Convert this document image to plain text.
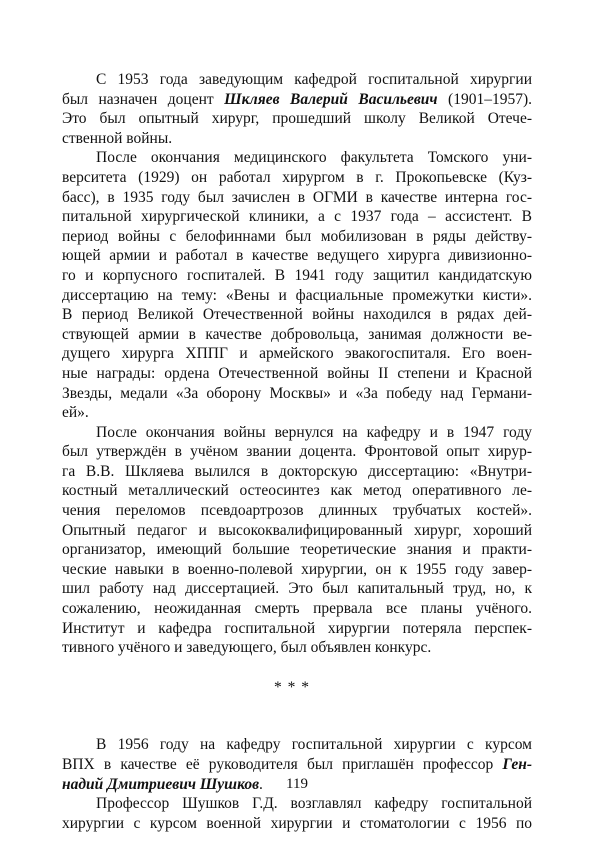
С 1953 года заведующим кафедрой госпитальной хирургии
был назначен доцент Шкляев Валерий Васильевич (1901–1957).
Это был опытный хирург, прошедший школу Великой Отече-
ственной войны.
После окончания медицинского факультета Томского уни-
верситета (1929) он работал хирургом в г. Прокопьевске (Куз-
басс), в 1935 году был зачислен в ОГМИ в качестве интерна гос-
питальной хирургической клиники, а с 1937 года – ассистент. В
период войны с белофиннами был мобилизован в ряды действу-
ющей армии и работал в качестве ведущего хирурга дивизионно-
го и корпусного госпиталей. В 1941 году защитил кандидатскую
диссертацию на тему: «Вены и фасциальные промежутки кисти».
В период Великой Отечественной войны находился в рядах дей-
ствующей армии в качестве добровольца, занимая должности ве-
дущего хирурга ХППГ и армейского эвакогоспиталя. Его воен-
ные награды: ордена Отечественной войны II степени и Красной
Звезды, медали «За оборону Москвы» и «За победу над Германи-
ей».
После окончания войны вернулся на кафедру и в 1947 году
был утверждён в учёном звании доцента. Фронтовой опыт хирур-
га В.В. Шкляева вылился в докторскую диссертацию: «Внутри-
костный металлический остеосинтез как метод оперативного ле-
чения переломов псевдоартрозов длинных трубчатых костей».
Опытный педагог и высококвалифицированный хирург, хороший
организатор, имеющий большие теоретические знания и практи-
ческие навыки в военно-полевой хирургии, он к 1955 году завер-
шил работу над диссертацией. Это был капитальный труд, но, к
сожалению, неожиданная смерть прервала все планы учёного.
Институт и кафедра госпитальной хирургии потеряла перспек-
тивного учёного и заведующего, был объявлен конкурс.
* * *
В 1956 году на кафедру госпитальной хирургии с курсом
ВПХ в качестве её руководителя был приглашён профессор Ген-
надий Дмитриевич Шушков.
Профессор Шушков Г.Д. возглавлял кафедру госпитальной
хирургии с курсом военной хирургии и стоматологии с 1956 по
119
